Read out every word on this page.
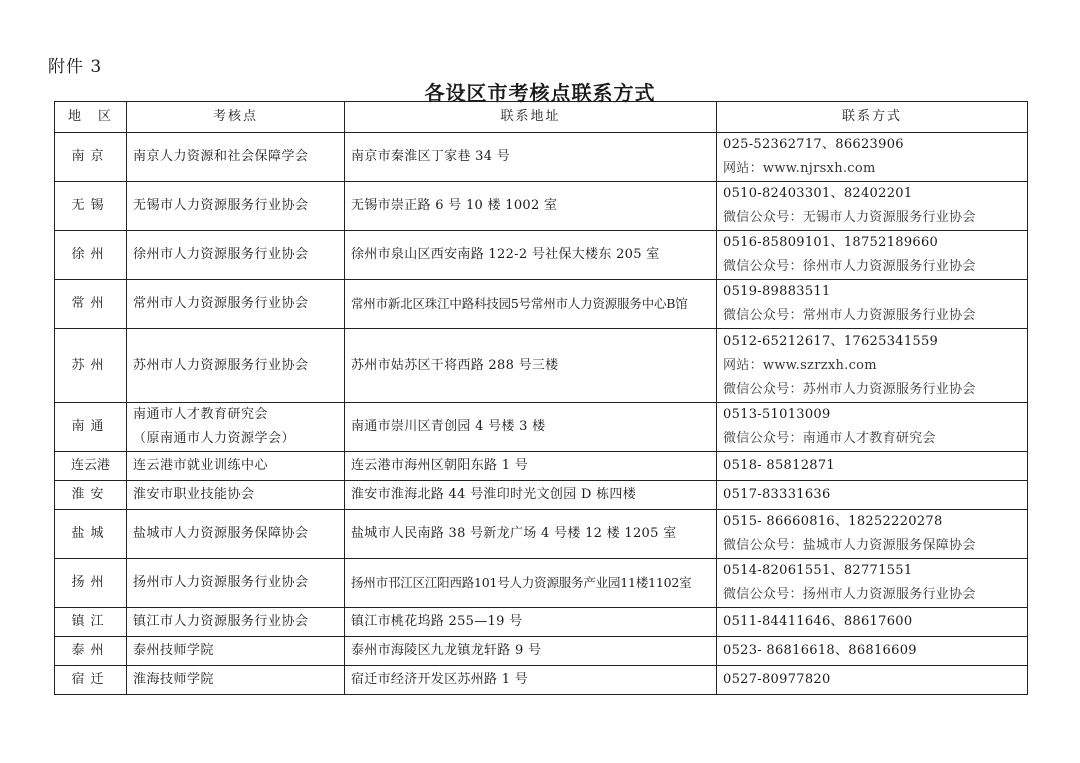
附件 3
各设区市考核点联系方式
地　区	考核点	联系地址	联系方式
南京	南京人力资源和社会保障学会	南京市秦淮区丁家巷 34 号	025-52362717、86623906
网站：www.njrsxh.com

无锡	无锡市人力资源服务行业协会	无锡市崇正路 6 号 10 楼 1002 室	0510-82403301、82402201
微信公众号：无锡市人力资源服务行业协会

徐州	徐州市人力资源服务行业协会	徐州市泉山区西安南路 122-2 号社保大楼东 205 室	0516-85809101、18752189660
微信公众号：徐州市人力资源服务行业协会

常州	常州市人力资源服务行业协会	常州市新北区珠江中路科技园5号常州市人力资源服务中心B馆	0519-89883511
微信公众号：常州市人力资源服务行业协会

苏州	苏州市人力资源服务行业协会	苏州市姑苏区干将西路 288 号三楼	0512-65212617、17625341559
网站：www.szrzxh.com
微信公众号：苏州市人力资源服务行业协会

南通	南通市人才教育研究会
（原南通市人力资源学会）	南通市崇川区青创园 4 号楼 3 楼	0513-51013009
微信公众号：南通市人才教育研究会

连云港	连云港市就业训练中心	连云港市海州区朝阳东路 1 号	0518- 85812871

淮安	淮安市职业技能协会	淮安市淮海北路 44 号淮印时光文创园 D 栋四楼	0517-83331636

盐城	盐城市人力资源服务保障协会	盐城市人民南路 38 号新龙广场 4 号楼 12 楼 1205 室	0515- 86660816、18252220278
微信公众号：盐城市人力资源服务保障协会

扬州	扬州市人力资源服务行业协会	扬州市邗江区江阳西路101号人力资源服务产业园11楼1102室	0514-82061551、82771551
微信公众号：扬州市人力资源服务行业协会

镇江	镇江市人力资源服务行业协会	镇江市桃花坞路 255—19 号	0511-84411646、88617600

泰州	泰州技师学院	泰州市海陵区九龙镇龙轩路 9 号	0523- 86816618、86816609

宿迁	淮海技师学院	宿迁市经济开发区苏州路 1 号	0527-80977820
